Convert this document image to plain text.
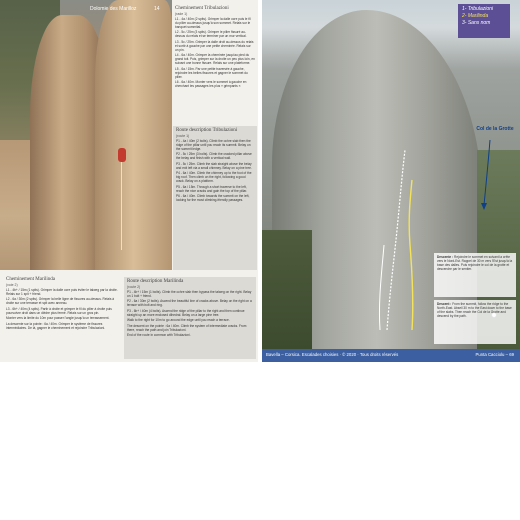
Dolomie des Marilloz	14	Cheminement Tribulazioni
(rade 1)

L1 - 4a / 40m (2 spits). Grimper la dalle ocre puis le fil du pilier au-dessus jusqu'à son sommet. Relais sur le banquet sommital.

L2 - 5c / 25m (3 spits). Grimper le pilier fissuré au-dessus du relais et se terminer par un mur vertical.

L3 - 5c / 25m. Grimper la dalle droit au-dessus du relais et sortir à gauche par une petite cheminée. Relais sur un pin.

L4 - 6a / 40m. Grimper la cheminée jusqu'au pied du grand toit. Puis, grimper sur la droite un peu plus loin, en suivant une bonne fissure. Relais sur une plateforme.

L5 - 6a / 15m. Par une petite traversée à gauche, rejoindre les belles fissures et gagner le sommet du pilier.

L6 - 6a / 40m. Monter vers le sommet à gauche en cherchant les passages les plus « grimpants ».

Route description Tribulazioni
(route 1)

P1 - 4a / 40m (2 bolts). Climb the ochre slab then the ridge of the pillar until you reach its summit. Belay on the summit ledge.

P2 - 5c / 25m (3 bolts). Climb the cracked pillar above the belay and finish with a vertical wall.

P3 - 5c / 25m. Climb the slab straight above the belay and exit left via a small chimney. Belay on a pine tree.

P4 - 6a / 40m. Climb the chimney up to the foot of the big roof. Then climb on the right, following a good crack. Belay on a platform.

P5 - 6a / 15m. Through a short traverse to the left, reach the nice cracks and gain the top of the pillar.

P6 - 6a / 40m. Climb towards the summit on the left, looking for the most climbing-friendly passages.

Cheminement Marilinda
(voie 2)

L1 - 4b+ / 15m (1 spits). Grimper la dalle ocre puis éviter le talweg par la droite. Relais sur 1 spit + friend.

L2 - 6a / 30m (2 spits). Grimper la belle ligne de fissures au-dessus. Relais à droite sur une terrasse et spit avec anneau.

L3 - 6b+ / 40m (4 spits). Partir à droite et grimper le fil du pilier à droite puis poursuivre droit dans un dièdre plus fermé. Relais sur un gros pin.

Monter vers la limite du 10m pour passer l'angle jusqu'à un terrassement.

La descente sur la pointe : 6a / 40m. Grimper le système de fissures intermédiaires. De là, gagner le cheminement et rejoindre Tribulazioni.

Route description Marilinda
(route 2)

P1 - 4b+ / 15m (1 bolts). Climb the ochre slab then bypass the talweg on the right. Belay on 1 bolt + friend.

P2 - 6a / 30m (2 bolts). Ascend the beautiful line of cracks above. Belay on the right on a terrace with bolt and ring.

P3 - 6b+ / 40m (4 bolts). Ascend the ridge of the pillar to the right and then continue straight up an more enclosed dihedral. Belay on a large pine tree.

Walk to the right for 10m to go around the edge until you reach a terrace.

The descent on the pointe : 6a / 40m. Climb the system of intermediate cracks. From there, reach the path and join Tribulazioni.

End of the route in common with Tribulazioni.

1- Tribulazioni
2- Marilinda
3- Sans nom
Col de la Grotte
Descente : Rejoindre le sommet en suivant la crête vers le Nord-Est. Rappel de 30 m vers l'Est jusqu'à la base des dalles. Puis rejoindre le col de la grotte et descendre par le sentier.
Descent : From the summit, follow the ridge to the North-East. Abseil 30 m to the East down to the base of the slabs. Then reach the Col de la Grotte and descend by the path.
Bavella – Corsica. Escalades choisies · © 2020 · Tous droits réservés	Punta Cacciolu – 69
